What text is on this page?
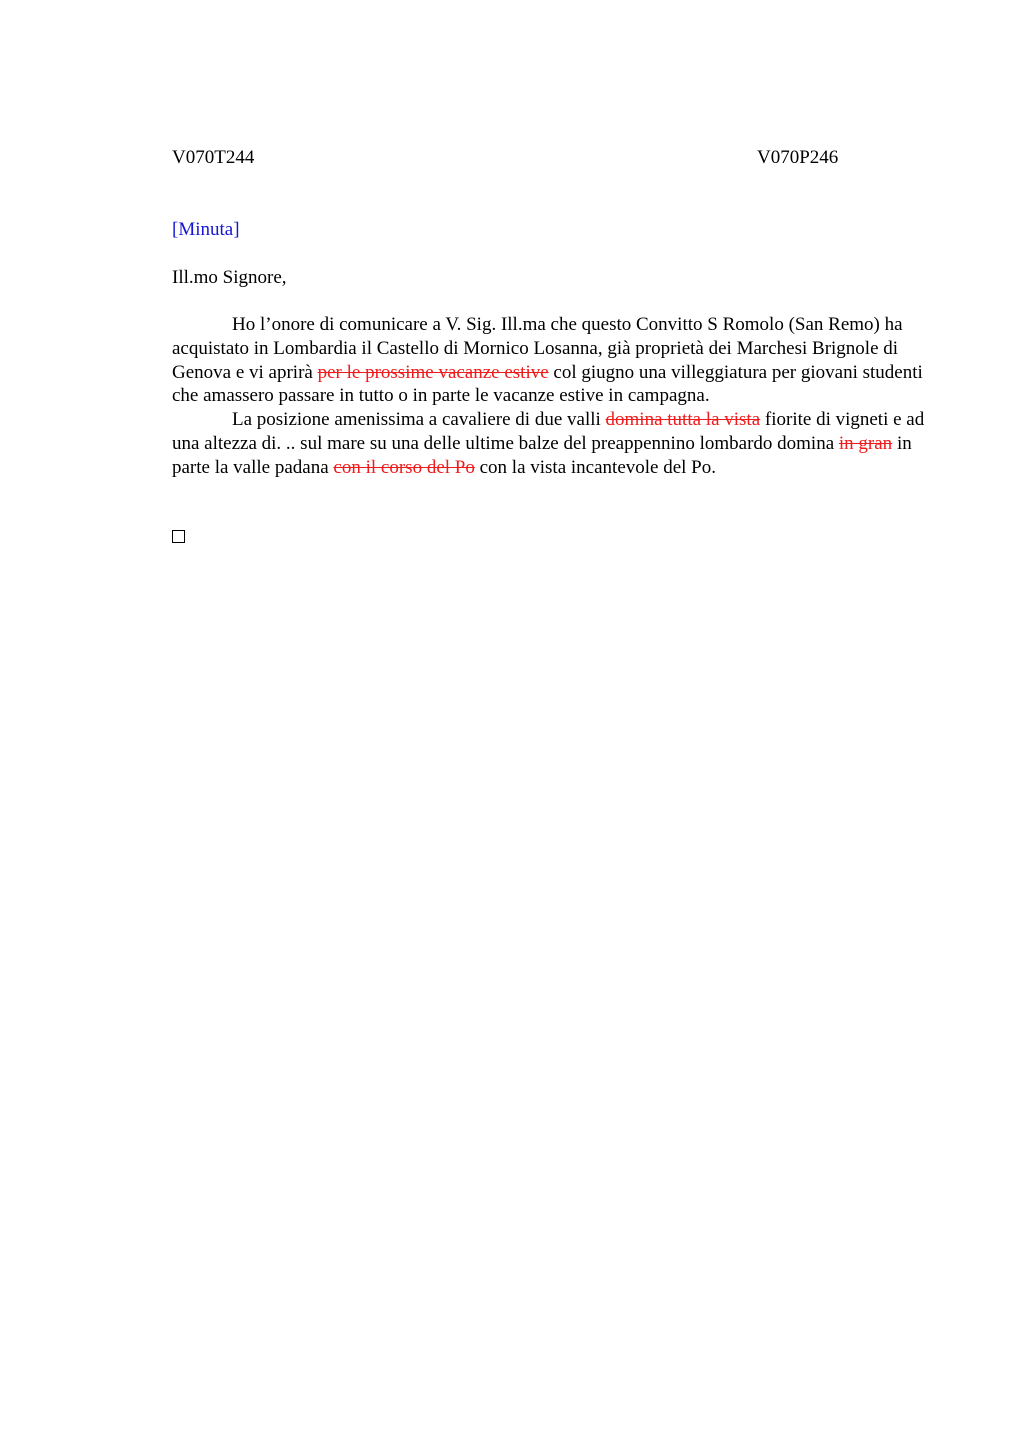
V070T244	V070P246
[Minuta]
Ill.mo Signore,

Ho l’onore di comunicare a V. Sig. Ill.ma che questo Convitto S Romolo (San Remo) ha acquistato in Lombardia il Castello di Mornico Losanna, già proprietà dei Marchesi Brignole di Genova e vi aprirà per le prossime vacanze estive col giugno una villeggiatura per giovani studenti che amassero passare in tutto o in parte le vacanze estive in campagna.

La posizione amenissima a cavaliere di due valli domina tutta la vista fiorite di vigneti e ad una altezza di. .. sul mare su una delle ultime balze del preappennino lombardo domina in gran in parte la valle padana con il corso del Po con la vista incantevole del Po.
